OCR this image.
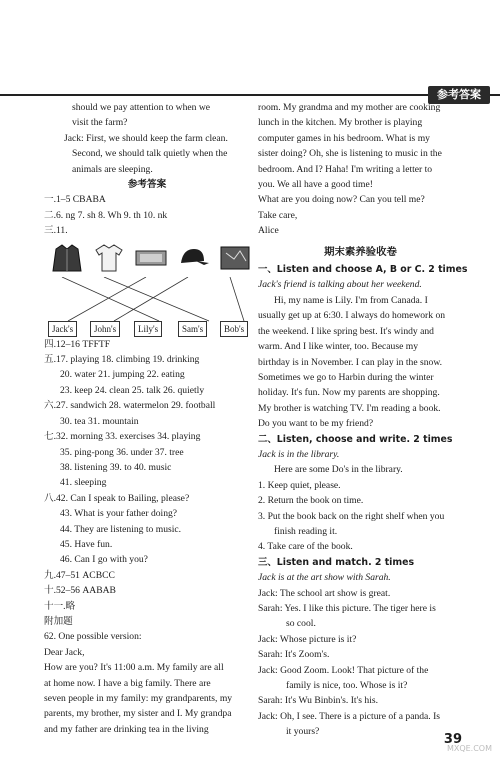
参考答案

should we pay attention to when we

visit the farm?

Jack: First, we should keep the farm clean.

Second, we should talk quietly when the

animals are sleeping.

参考答案

一.1–5 CBABA

二.6. ng 7. sh 8. Wh 9. th 10. nk

三.11.

Jack's	John's	Lily's	Sam's	Bob's

四.12–16 TFFTF

五.17. playing 18. climbing 19. drinking

20. water 21. jumping 22. eating

23. keep 24. clean 25. talk 26. quietly

六.27. sandwich 28. watermelon 29. football

30. tea 31. mountain

七.32. morning 33. exercises 34. playing

35. ping-pong 36. under 37. tree

38. listening 39. to 40. music

41. sleeping

八.42. Can I speak to Bailing, please?

43. What is your father doing?

44. They are listening to music.

45. Have fun.

46. Can I go with you?

九.47–51 ACBCC

十.52–56 AABAB

十一.略

附加题

62. One possible version:

Dear Jack,

How are you? It's 11:00 a.m. My family are all

at home now. I have a big family. There are

seven people in my family: my grandparents, my

parents, my brother, my sister and I. My grandpa

and my father are drinking tea in the living

room. My grandma and my mother are cooking

lunch in the kitchen. My brother is playing

computer games in his bedroom. What is my

sister doing? Oh, she is listening to music in the

bedroom. And I? Haha! I'm writing a letter to

you. We all have a good time!

What are you doing now? Can you tell me?

Take care,

Alice

期末素养验收卷

一、Listen and choose A, B or C. 2 times

Jack's friend is talking about her weekend.

Hi, my name is Lily. I'm from Canada. I

usually get up at 6:30. I always do homework on

the weekend. I like spring best. It's windy and

warm. And I like winter, too. Because my

birthday is in November. I can play in the snow.

Sometimes we go to Harbin during the winter

holiday. It's fun. Now my parents are shopping.

My brother is watching TV. I'm reading a book.

Do you want to be my friend?

二、Listen, choose and write. 2 times

Jack is in the library.

Here are some Do's in the library.

1. Keep quiet, please.

2. Return the book on time.

3. Put the book back on the right shelf when you

finish reading it.

4. Take care of the book.

三、Listen and match. 2 times

Jack is at the art show with Sarah.

Jack: The school art show is great.

Sarah: Yes. I like this picture. The tiger here is

so cool.

Jack: Whose picture is it?

Sarah: It's Zoom's.

Jack: Good Zoom. Look! That picture of the

family is nice, too. Whose is it?

Sarah: It's Wu Binbin's. It's his.

Jack: Oh, I see. There is a picture of a panda. Is

it yours?

39
MXQE.COM
